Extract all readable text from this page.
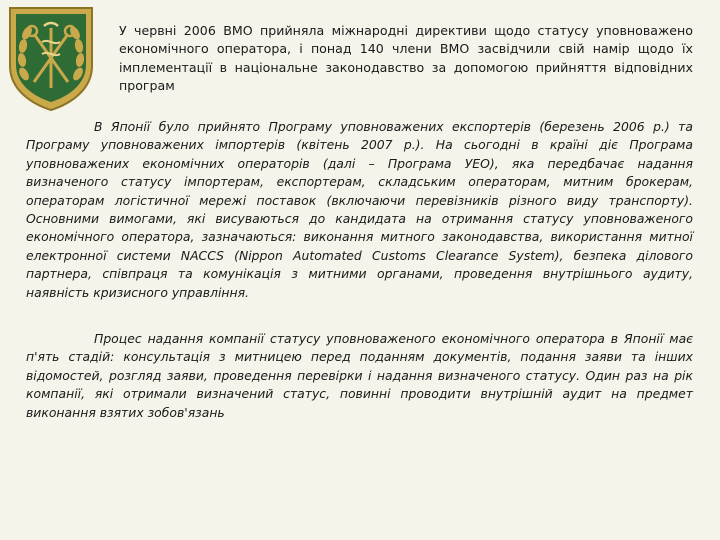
У червні 2006 ВМО прийняла міжнародні директиви щодо статусу уповноважено економічного оператора, і понад 140 члени ВМО засвідчили свій намір щодо їх імплементації в національне законодавство за допомогою прийняття відповідних програм
В Японії було прийнято Програму уповноважених експортерів (березень 2006 р.) та Програму уповноважених імпортерів (квітень 2007 р.). На сьогодні в країні діє Програма уповноважених економічних операторів (далі – Програма УЕО), яка передбачає надання визначеного статусу імпортерам, експортерам, складським операторам, митним брокерам, операторам логістичної мережі поставок (включаючи перевізників різного виду транспорту). Основними вимогами, які висуваються до кандидата на отримання статусу уповноваженого економічного оператора, зазначаються: виконання митного законодавства, використання митної електронної системи NACCS (Nippon Automated Customs Clearance System), безпека ділового партнера, співпраця та комунікація з митними органами, проведення внутрішнього аудиту, наявність кризисного управління.
Процес надання компанії статусу уповноваженого економічного оператора в Японії має п'ять стадій: консультація з митницею перед поданням документів, подання заяви та інших відомостей, розгляд заяви, проведення перевірки і надання визначеного статусу. Один раз на рік компанії, які отримали визначений статус, повинні проводити внутрішній аудит на предмет виконання взятих зобов'язань
